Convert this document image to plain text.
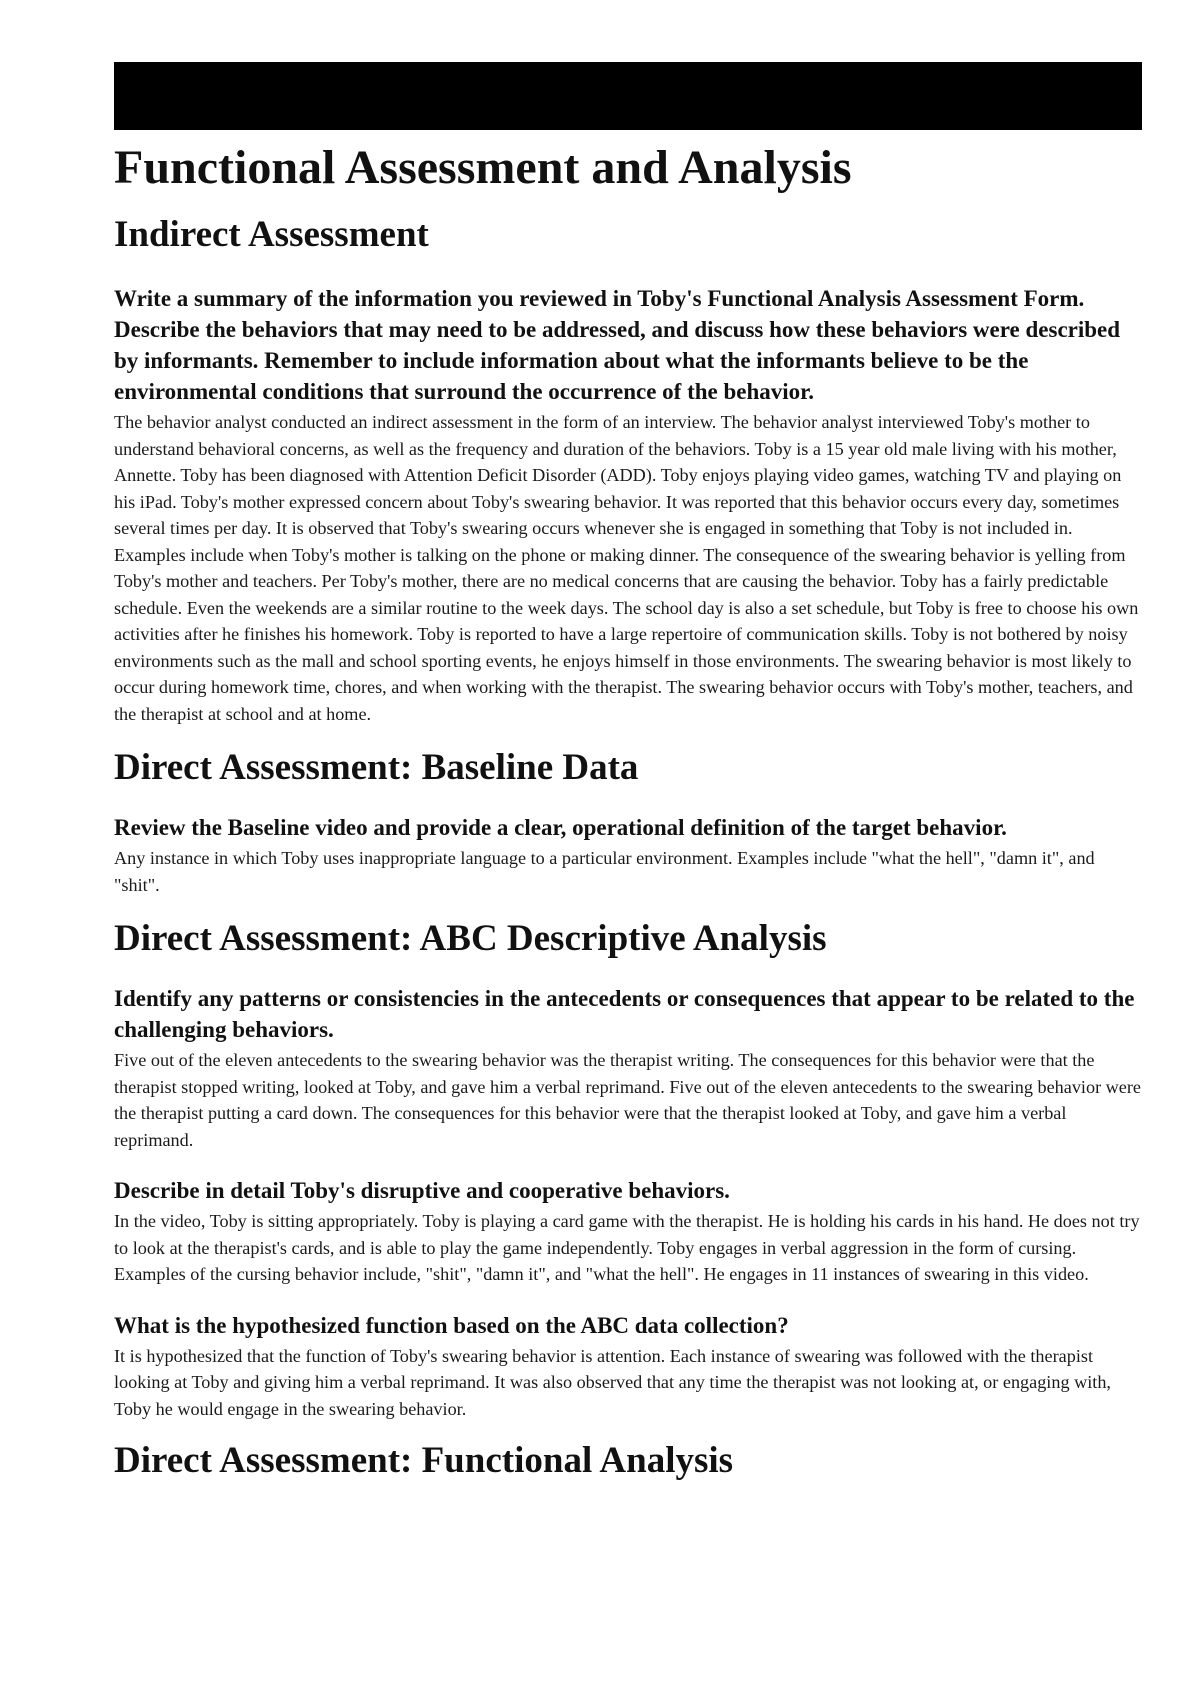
Functional Assessment and Analysis
Indirect Assessment

Write a summary of the information you reviewed in Toby's Functional Analysis Assessment Form. Describe the behaviors that may need to be addressed, and discuss how these behaviors were described by informants. Remember to include information about what the informants believe to be the environmental conditions that surround the occurrence of the behavior.

The behavior analyst conducted an indirect assessment in the form of an interview. The behavior analyst interviewed Toby's mother to understand behavioral concerns, as well as the frequency and duration of the behaviors. Toby is a 15 year old male living with his mother, Annette. Toby has been diagnosed with Attention Deficit Disorder (ADD). Toby enjoys playing video games, watching TV and playing on his iPad. Toby's mother expressed concern about Toby's swearing behavior. It was reported that this behavior occurs every day, sometimes several times per day. It is observed that Toby's swearing occurs whenever she is engaged in something that Toby is not included in. Examples include when Toby's mother is talking on the phone or making dinner. The consequence of the swearing behavior is yelling from Toby's mother and teachers. Per Toby's mother, there are no medical concerns that are causing the behavior. Toby has a fairly predictable schedule. Even the weekends are a similar routine to the week days. The school day is also a set schedule, but Toby is free to choose his own activities after he finishes his homework. Toby is reported to have a large repertoire of communication skills. Toby is not bothered by noisy environments such as the mall and school sporting events, he enjoys himself in those environments. The swearing behavior is most likely to occur during homework time, chores, and when working with the therapist. The swearing behavior occurs with Toby's mother, teachers, and the therapist at school and at home.

Direct Assessment: Baseline Data

Review the Baseline video and provide a clear, operational definition of the target behavior.

Any instance in which Toby uses inappropriate language to a particular environment. Examples include "what the hell", "damn it", and "shit".

Direct Assessment: ABC Descriptive Analysis

Identify any patterns or consistencies in the antecedents or consequences that appear to be related to the challenging behaviors.

Five out of the eleven antecedents to the swearing behavior was the therapist writing. The consequences for this behavior were that the therapist stopped writing, looked at Toby, and gave him a verbal reprimand. Five out of the eleven antecedents to the swearing behavior were the therapist putting a card down. The consequences for this behavior were that the therapist looked at Toby, and gave him a verbal reprimand.

Describe in detail Toby's disruptive and cooperative behaviors.

In the video, Toby is sitting appropriately. Toby is playing a card game with the therapist. He is holding his cards in his hand. He does not try to look at the therapist's cards, and is able to play the game independently. Toby engages in verbal aggression in the form of cursing. Examples of the cursing behavior include, "shit", "damn it", and "what the hell". He engages in 11 instances of swearing in this video.

What is the hypothesized function based on the ABC data collection?

It is hypothesized that the function of Toby's swearing behavior is attention. Each instance of swearing was followed with the therapist looking at Toby and giving him a verbal reprimand. It was also observed that any time the therapist was not looking at, or engaging with, Toby he would engage in the swearing behavior.

Direct Assessment: Functional Analysis
